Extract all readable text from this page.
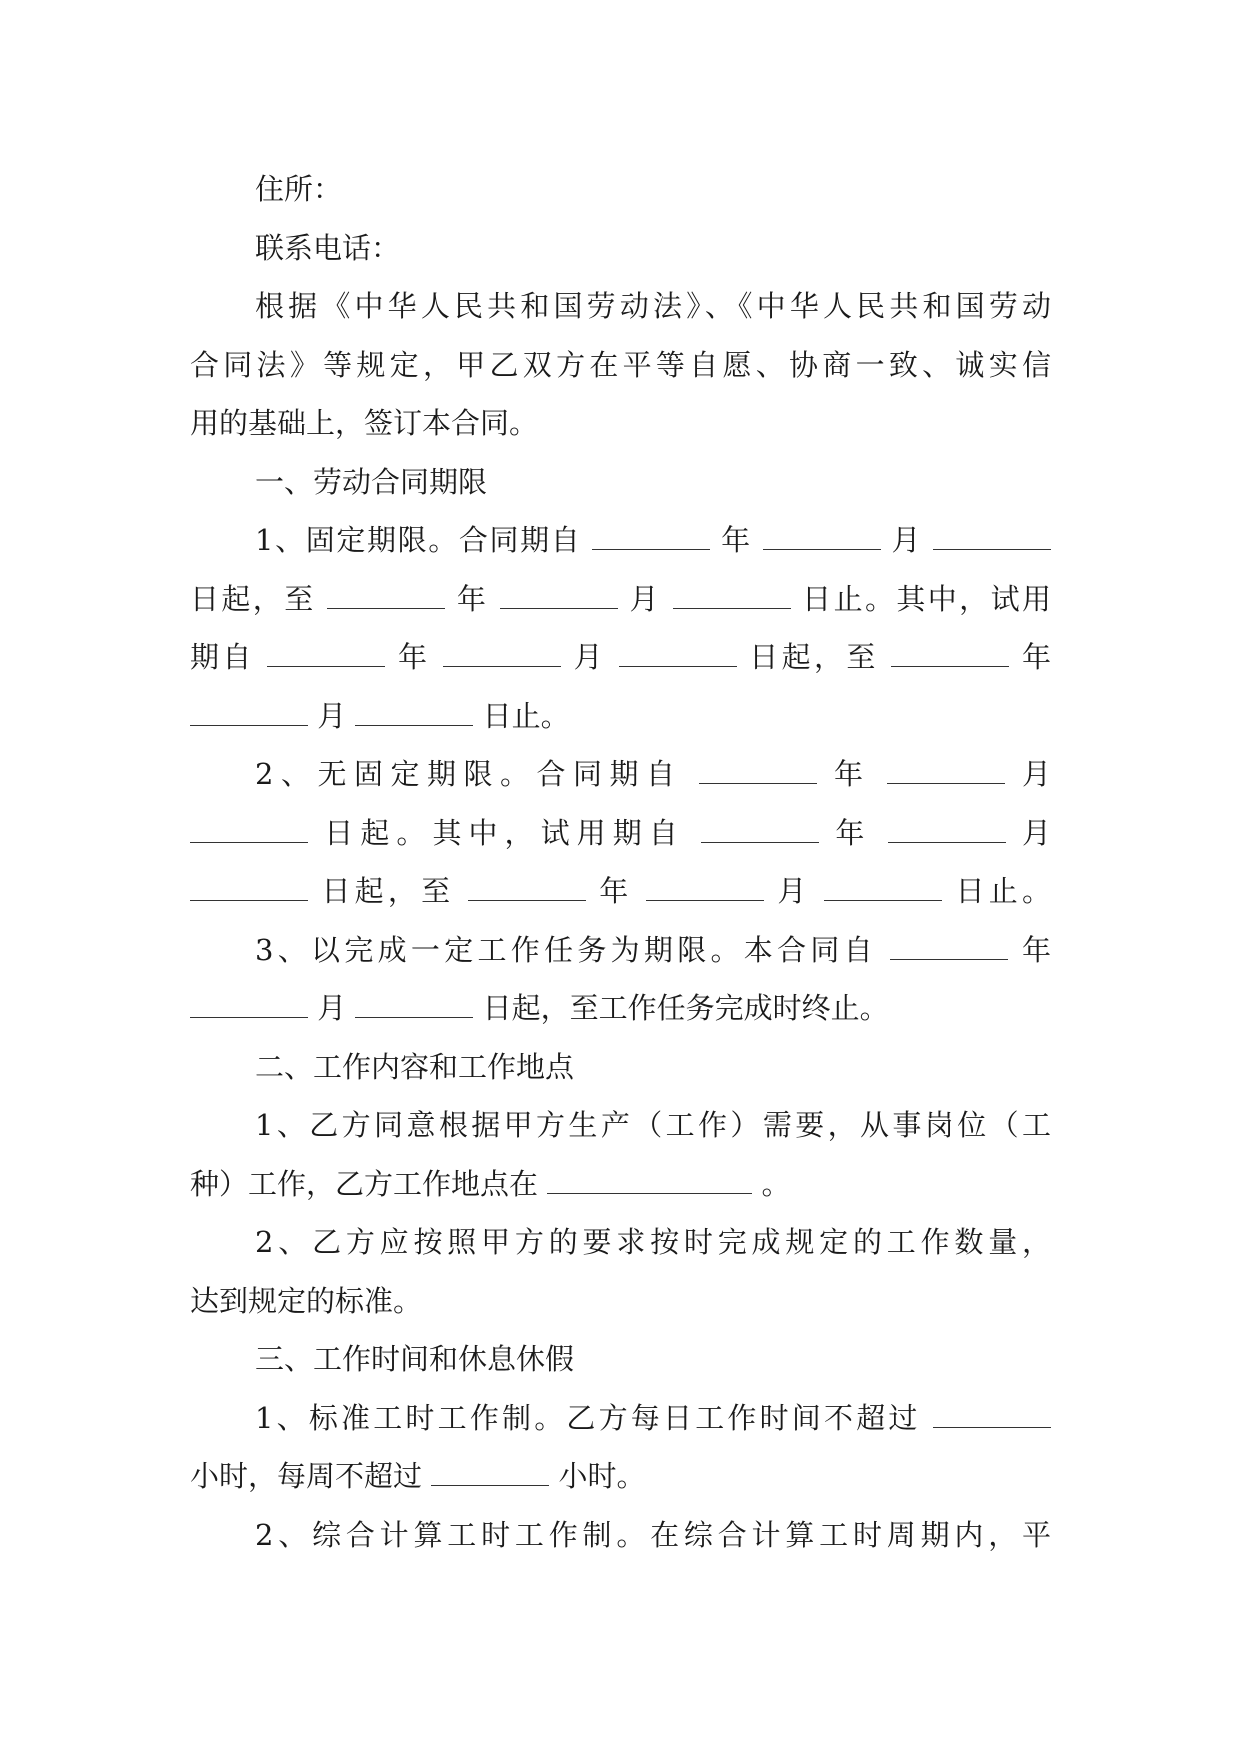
住所：
联系电话：
根据《中华人民共和国劳动法》、《中华人民共和国劳动
合同法》等规定，甲乙双方在平等自愿、协商一致、诚实信
用的基础上，签订本合同。
一、劳动合同期限
1、固定期限。合同期自	年	月
日起，至	年	月	日止。其中，试用
期自	年	月	日起，至	年
月	日止。
2、无固定期限。合同期自	年	月
日起。其中，试用期自	年	月
日起，至	年	月	日止。
3、以完成一定工作任务为期限。本合同自	年
月	日起，至工作任务完成时终止。
二、工作内容和工作地点
1、乙方同意根据甲方生产（工作）需要，从事岗位（工
种）工作，乙方工作地点在	。
2、乙方应按照甲方的要求按时完成规定的工作数量，
达到规定的标准。
三、工作时间和休息休假
1、标准工时工作制。乙方每日工作时间不超过
小时，每周不超过	小时。
2、综合计算工时工作制。在综合计算工时周期内，平
